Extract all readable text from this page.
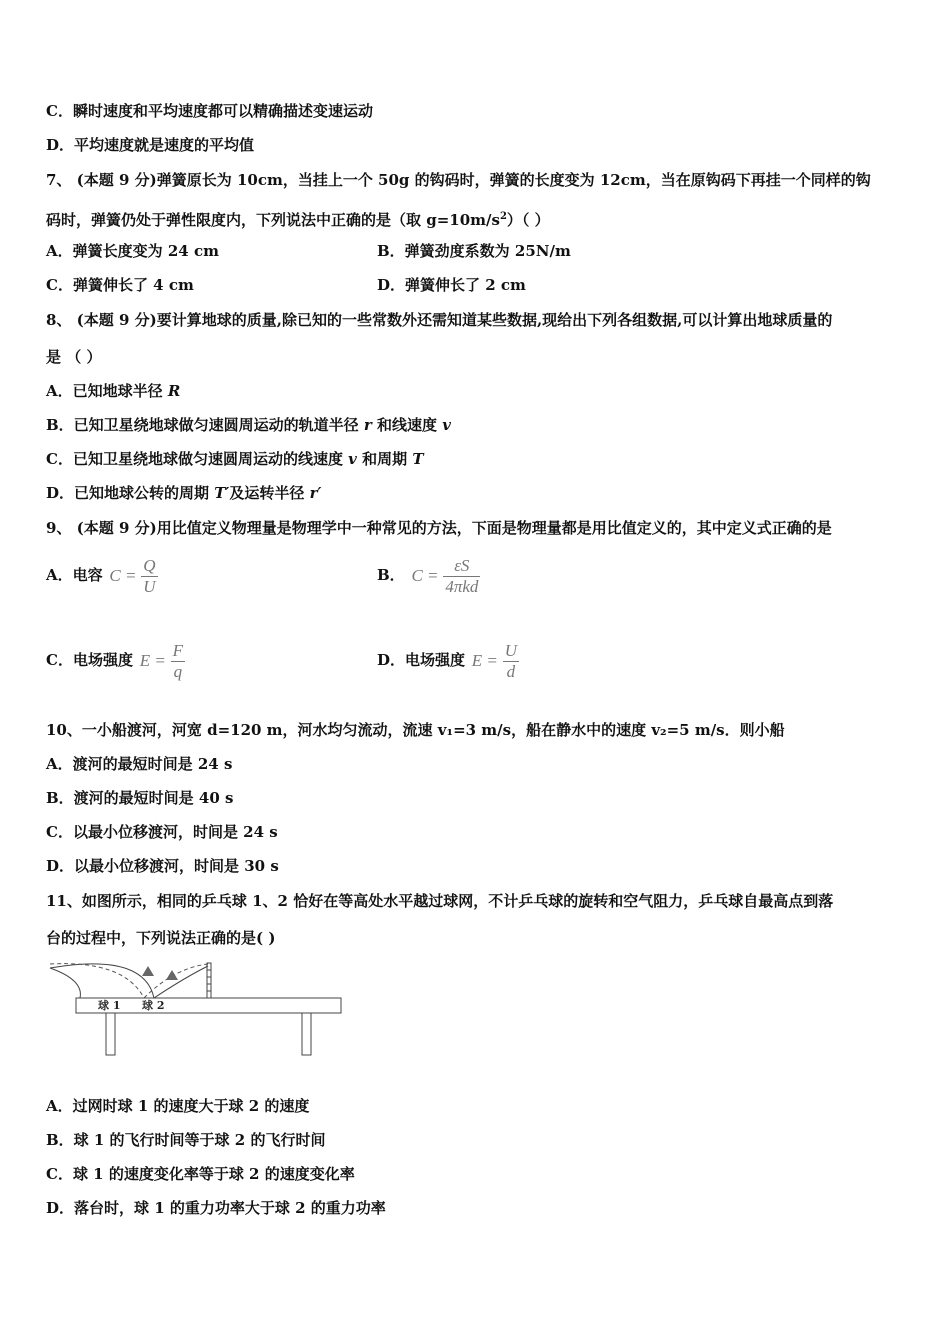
C．瞬时速度和平均速度都可以精确描述变速运动
D．平均速度就是速度的平均值
7、 (本题 9 分)弹簧原长为 10cm，当挂上一个 50g 的钩码时，弹簧的长度变为 12cm，当在原钩码下再挂一个同样的钩
码时，弹簧仍处于弹性限度内，下列说法中正确的是（取 $g=10m/s^2$）（ ）
A．弹簧长度变为 24 cm	B．弹簧劲度系数为 25N/m
C．弹簧伸长了 4 cm	D．弹簧伸长了 2 cm
8、 (本题 9 分)要计算地球的质量,除已知的一些常数外还需知道某些数据,现给出下列各组数据,可以计算出地球质量的
是 （ ）
A．已知地球半径 R
B．已知卫星绕地球做匀速圆周运动的轨道半径 r 和线速度 v
C．已知卫星绕地球做匀速圆周运动的线速度 v 和周期 T
D．已知地球公转的周期 T′及运转半径 r′
9、 (本题 9 分)用比值定义物理量是物理学中一种常见的方法，下面是物理量都是用比值定义的，其中定义式正确的是
A．电容 $C = \frac{Q}{U}$	B． $C = \frac{\varepsilon S}{\text{4πkd}}$
C．电场强度 $E = \frac{F}{q}$	D．电场强度 $E = \frac{U}{d}$
10、一小船渡河，河宽 d=120 m，河水均匀流动，流速 v₁=3 m/s，船在静水中的速度 v₂=5 m/s．则小船
A．渡河的最短时间是 24 s
B．渡河的最短时间是 40 s
C．以最小位移渡河，时间是 24 s
D．以最小位移渡河，时间是 30 s
11、如图所示，相同的乒乓球 1、2 恰好在等高处水平越过球网，不计乒乓球的旋转和空气阻力，乒乓球自最高点到落
台的过程中，下列说法正确的是( )
球 1 球 2
A．过网时球 1 的速度大于球 2 的速度
B．球 1 的飞行时间等于球 2 的飞行时间
C．球 1 的速度变化率等于球 2 的速度变化率
D．落台时，球 1 的重力功率大于球 2 的重力功率
